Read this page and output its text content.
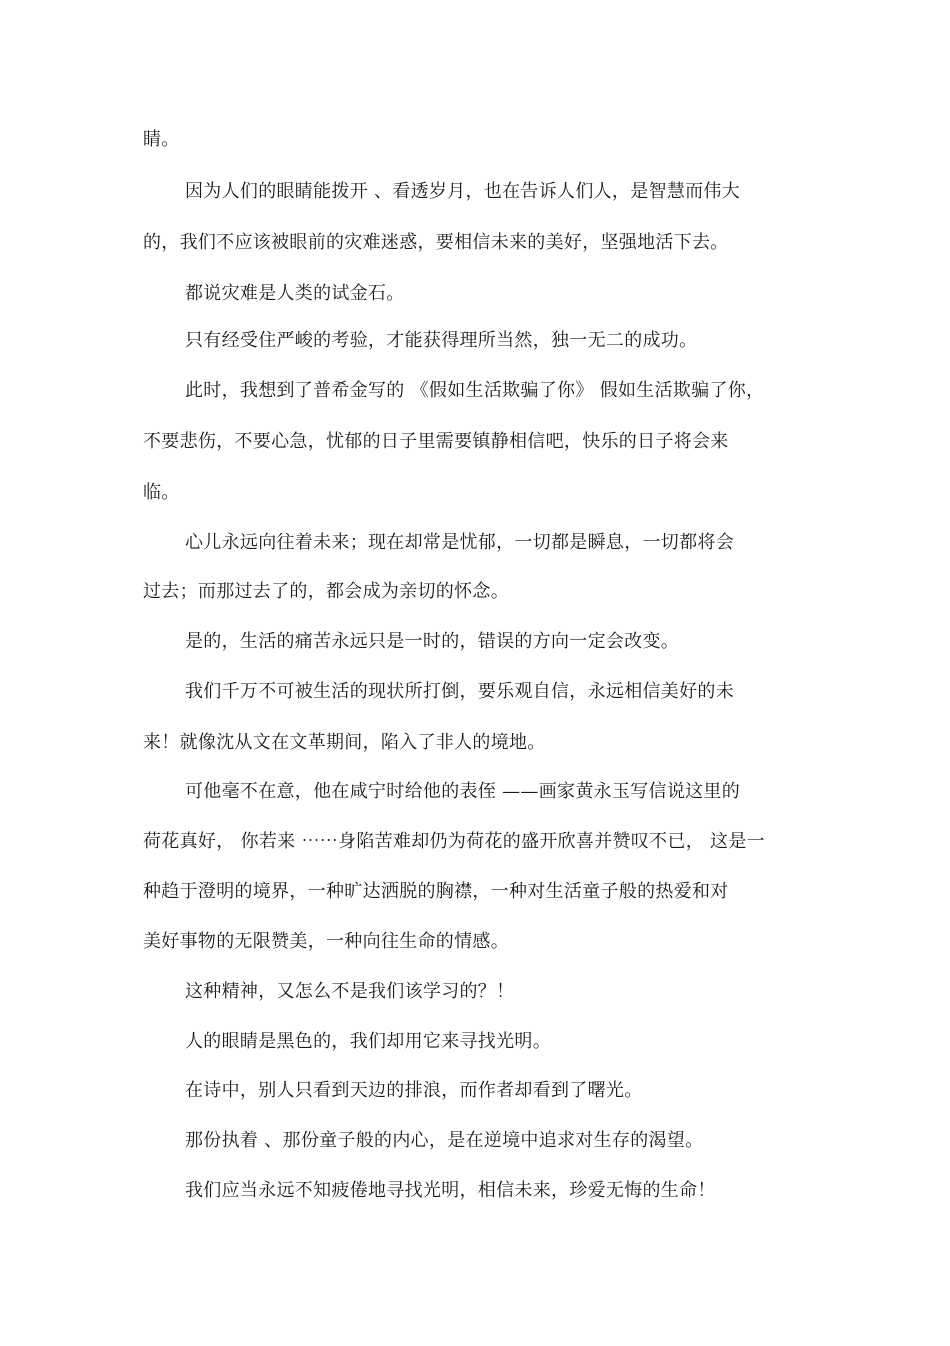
睛。
因为人们的眼睛能拨开 、看透岁月，也在告诉人们人，是智慧而伟大
的，我们不应该被眼前的灾难迷惑，要相信未来的美好，坚强地活下去。
都说灾难是人类的试金石。
只有经受住严峻的考验，才能获得理所当然，独一无二的成功。
此时，我想到了普希金写的 《假如生活欺骗了你》 假如生活欺骗了你，
不要悲伤，不要心急，忧郁的日子里需要镇静相信吧，快乐的日子将会来
临。
心儿永远向往着未来；现在却常是忧郁，一切都是瞬息，一切都将会
过去；而那过去了的，都会成为亲切的怀念。
是的，生活的痛苦永远只是一时的，错误的方向一定会改变。
我们千万不可被生活的现状所打倒，要乐观自信，永远相信美好的未
来！就像沈从文在文革期间，陷入了非人的境地。
可他毫不在意，他在咸宁时给他的表侄 ——画家黄永玉写信说这里的
荷花真好， 你若来 ⋯⋯身陷苦难却仍为荷花的盛开欣喜并赞叹不已， 这是一
种趋于澄明的境界，一种旷达洒脱的胸襟，一种对生活童子般的热爱和对
美好事物的无限赞美，一种向往生命的情感。
这种精神，又怎么不是我们该学习的？！
人的眼睛是黑色的，我们却用它来寻找光明。
在诗中，别人只看到天边的排浪，而作者却看到了曙光。
那份执着 、那份童子般的内心，是在逆境中追求对生存的渴望。
我们应当永远不知疲倦地寻找光明，相信未来，珍爱无悔的生命！
